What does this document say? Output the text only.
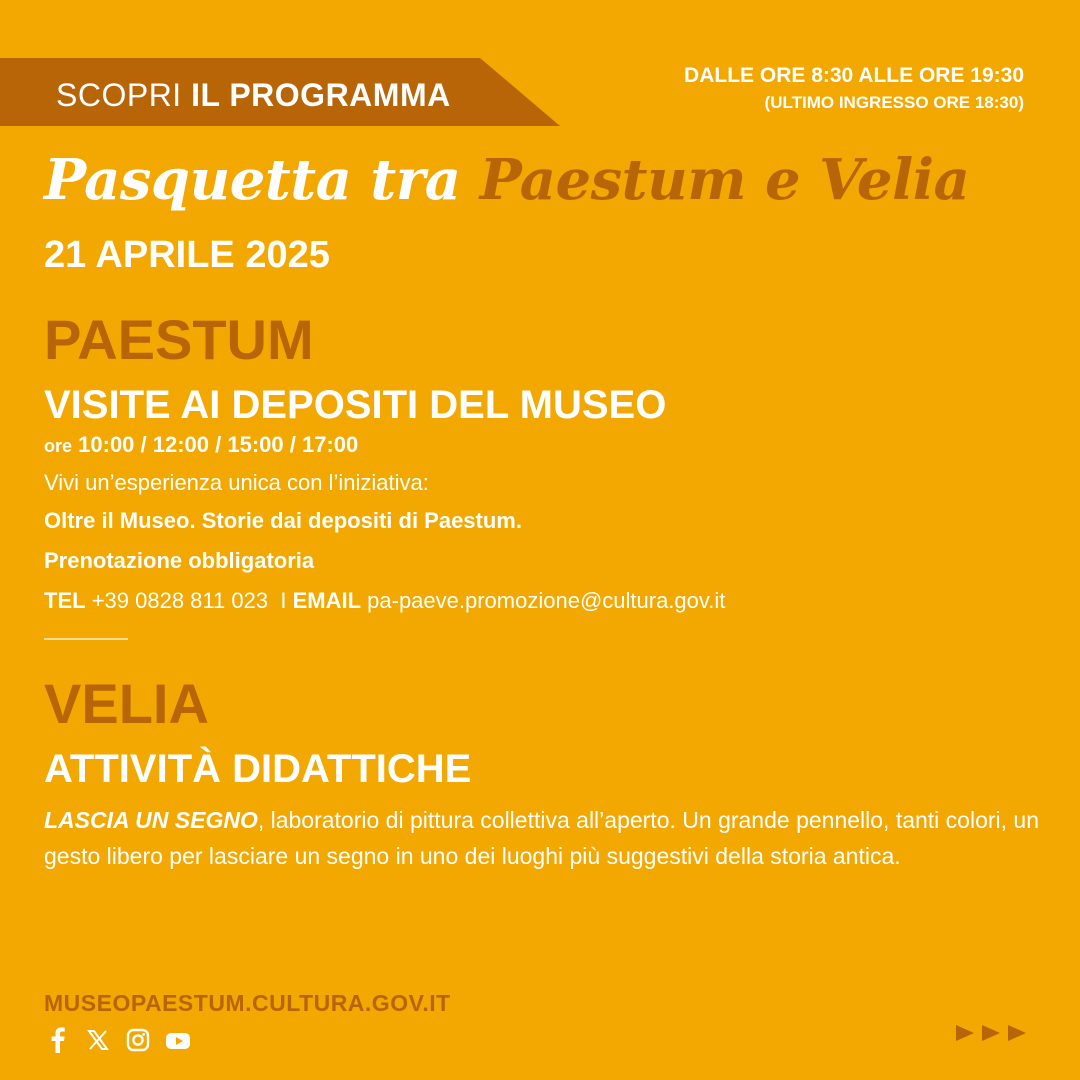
SCOPRI IL PROGRAMMA
DALLE ORE 8:30 ALLE ORE 19:30
(ULTIMO INGRESSO ORE 18:30)
Pasquetta tra Paestum e Velia
21 APRILE 2025
PAESTUM
VISITE AI DEPOSITI DEL MUSEO
ore 10:00 / 12:00 / 15:00 / 17:00
Vivi un’esperienza unica con l’iniziativa:
Oltre il Museo. Storie dai depositi di Paestum.
Prenotazione obbligatoria
TEL +39 0828 811 023 I EMAIL pa-paeve.promozione@cultura.gov.it
VELIA
ATTIVITÀ DIDATTICHE
LASCIA UN SEGNO, laboratorio di pittura collettiva all’aperto. Un grande pennello, tanti colori, un gesto libero per lasciare un segno in uno dei luoghi più suggestivi della storia antica.
MUSEOPAESTUM.CULTURA.GOV.IT
